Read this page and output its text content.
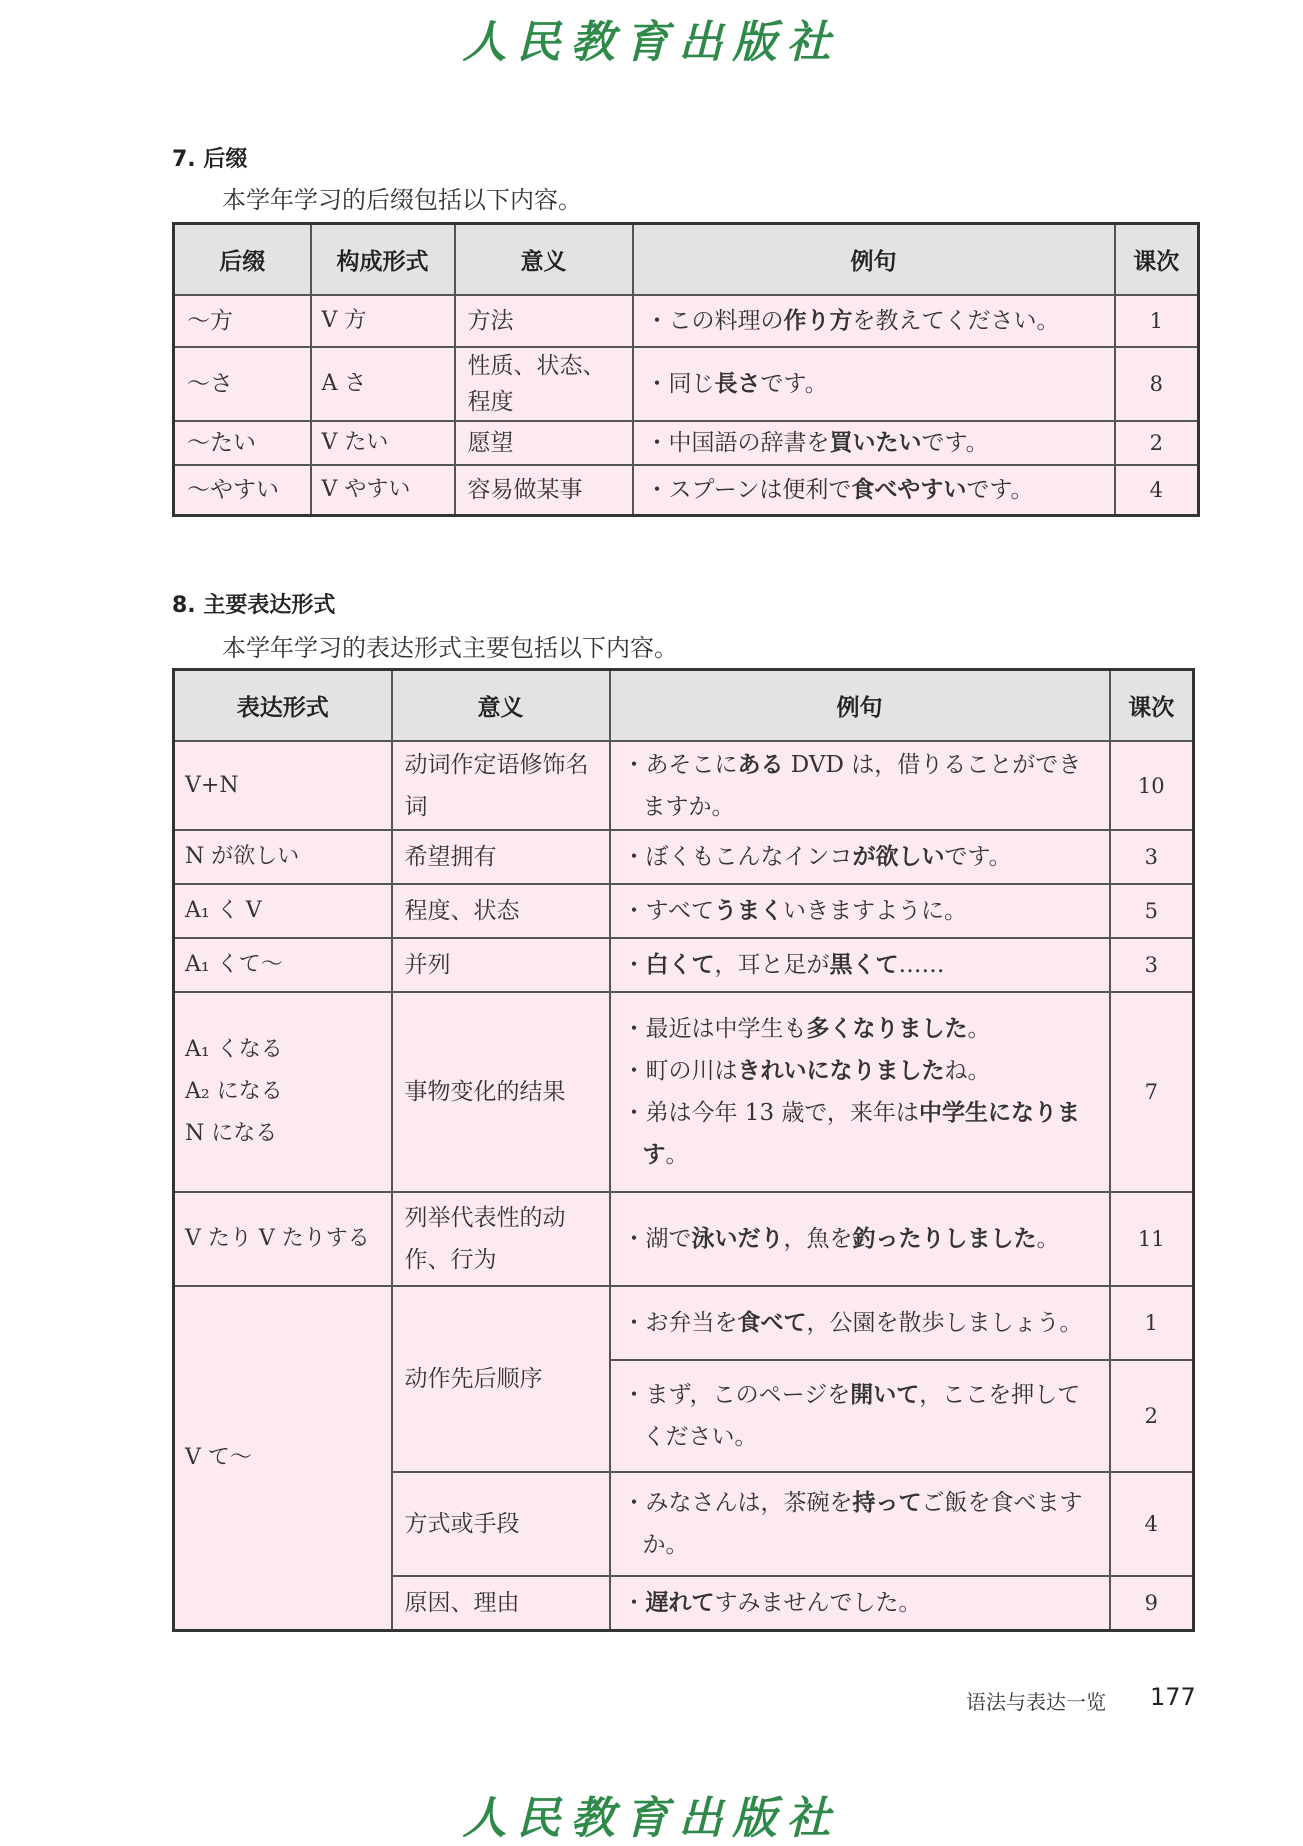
人民教育出版社
7. 后缀
本学年学习的后缀包括以下内容。
后缀	构成形式	意义	例句	课次
～方	V 方	方法	・この料理の作り方を教えてください。	1
～さ	A さ	性质、状态、程度	・同じ長さです。	8
～たい	V たい	愿望	・中国語の辞書を買いたいです。	2
～やすい	V やすい	容易做某事	・スプーンは便利で食べやすいです。	4
8. 主要表达形式
本学年学习的表达形式主要包括以下内容。
表达形式	意义	例句	课次
V+N	动词作定语修饰名词	・あそこにある DVD は，借りることができますか。	10
N が欲しい	希望拥有	・ぼくもこんなインコが欲しいです。	3
A₁ く V	程度、状态	・すべてうまくいきますように。	5
A₁ くて～	并列	・白くて，耳と足が黒くて……	3
A₁ くなる
A₂ になる
N になる	事物变化的结果	・最近は中学生も多くなりました。
・町の川はきれいになりましたね。
・弟は今年 13 歳で，来年は中学生になります。	7
V たり V たりする	列举代表性的动作、行为	・湖で泳いだり，魚を釣ったりしました。	11
V て～	动作先后顺序	・お弁当を食べて，公園を散歩しましょう。	1

		・まず，このページを開いて，ここを押してください。	2
	方式或手段	・みなさんは，茶碗を持ってご飯を食べますか。	4
	原因、理由	・遅れてすみませんでした。	9
语法与表达一览 177
人民教育出版社
